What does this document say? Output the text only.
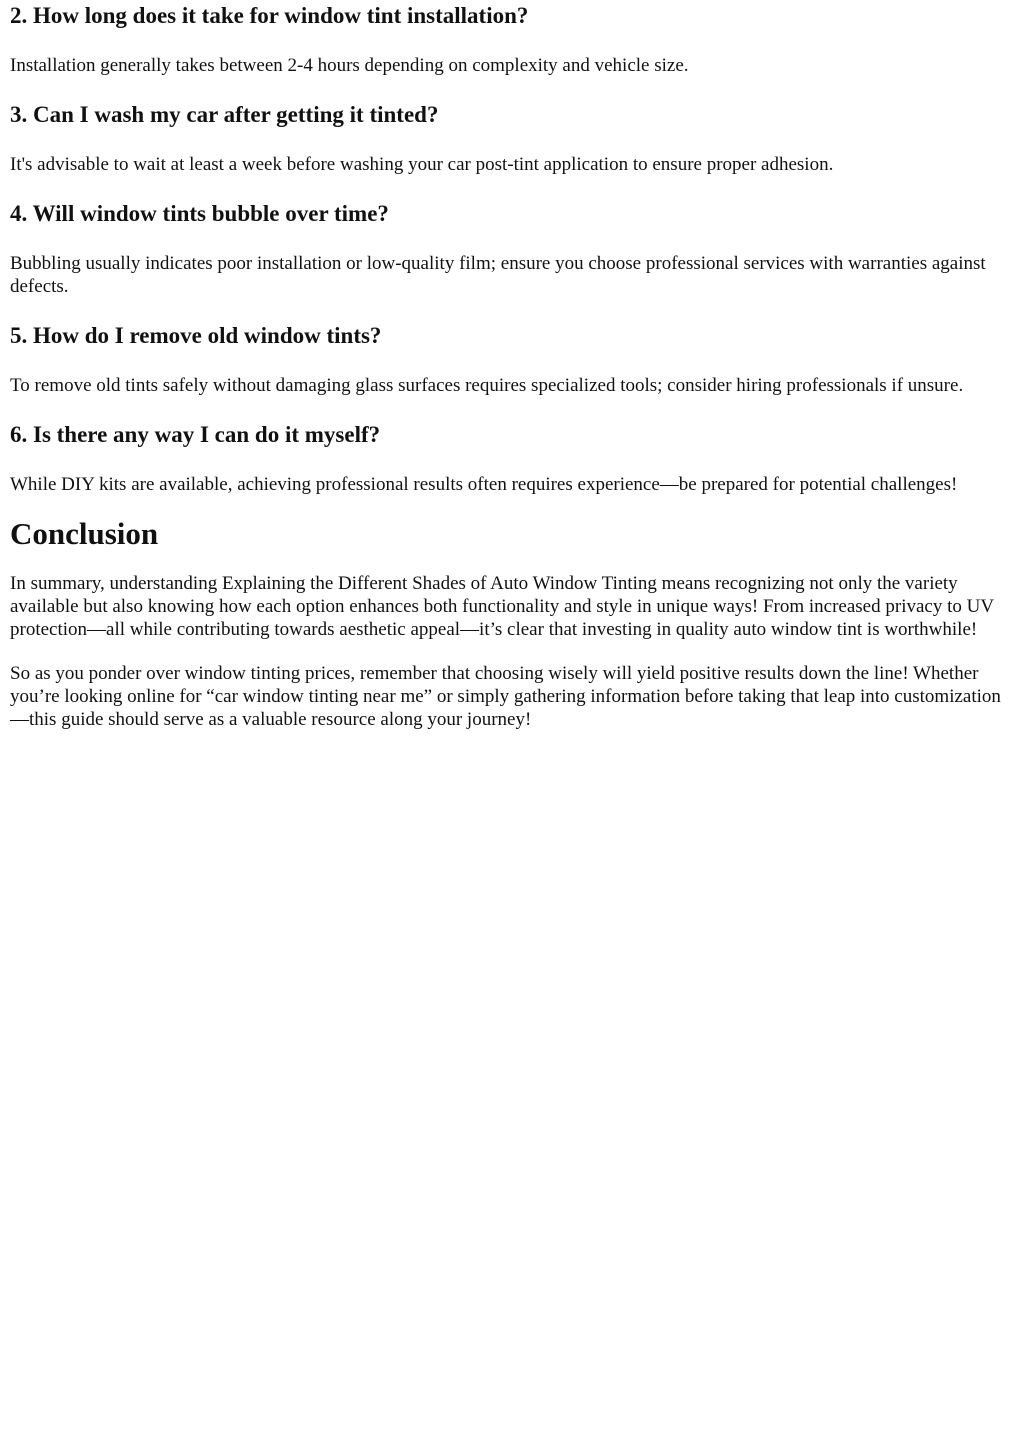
2. How long does it take for window tint installation?

Installation generally takes between 2-4 hours depending on complexity and vehicle size.

3. Can I wash my car after getting it tinted?

It's advisable to wait at least a week before washing your car post-tint application to ensure proper adhesion.

4. Will window tints bubble over time?

Bubbling usually indicates poor installation or low-quality film; ensure you choose professional services with warranties against defects.

5. How do I remove old window tints?

To remove old tints safely without damaging glass surfaces requires specialized tools; consider hiring professionals if unsure.

6. Is there any way I can do it myself?

While DIY kits are available, achieving professional results often requires experience—be prepared for potential challenges!

Conclusion

In summary, understanding Explaining the Different Shades of Auto Window Tinting means recognizing not only the variety available but also knowing how each option enhances both functionality and style in unique ways! From increased privacy to UV protection—all while contributing towards aesthetic appeal—it’s clear that investing in quality auto window tint is worthwhile!

So as you ponder over window tinting prices, remember that choosing wisely will yield positive results down the line! Whether you’re looking online for “car window tinting near me” or simply gathering information before taking that leap into customization—this guide should serve as a valuable resource along your journey!
